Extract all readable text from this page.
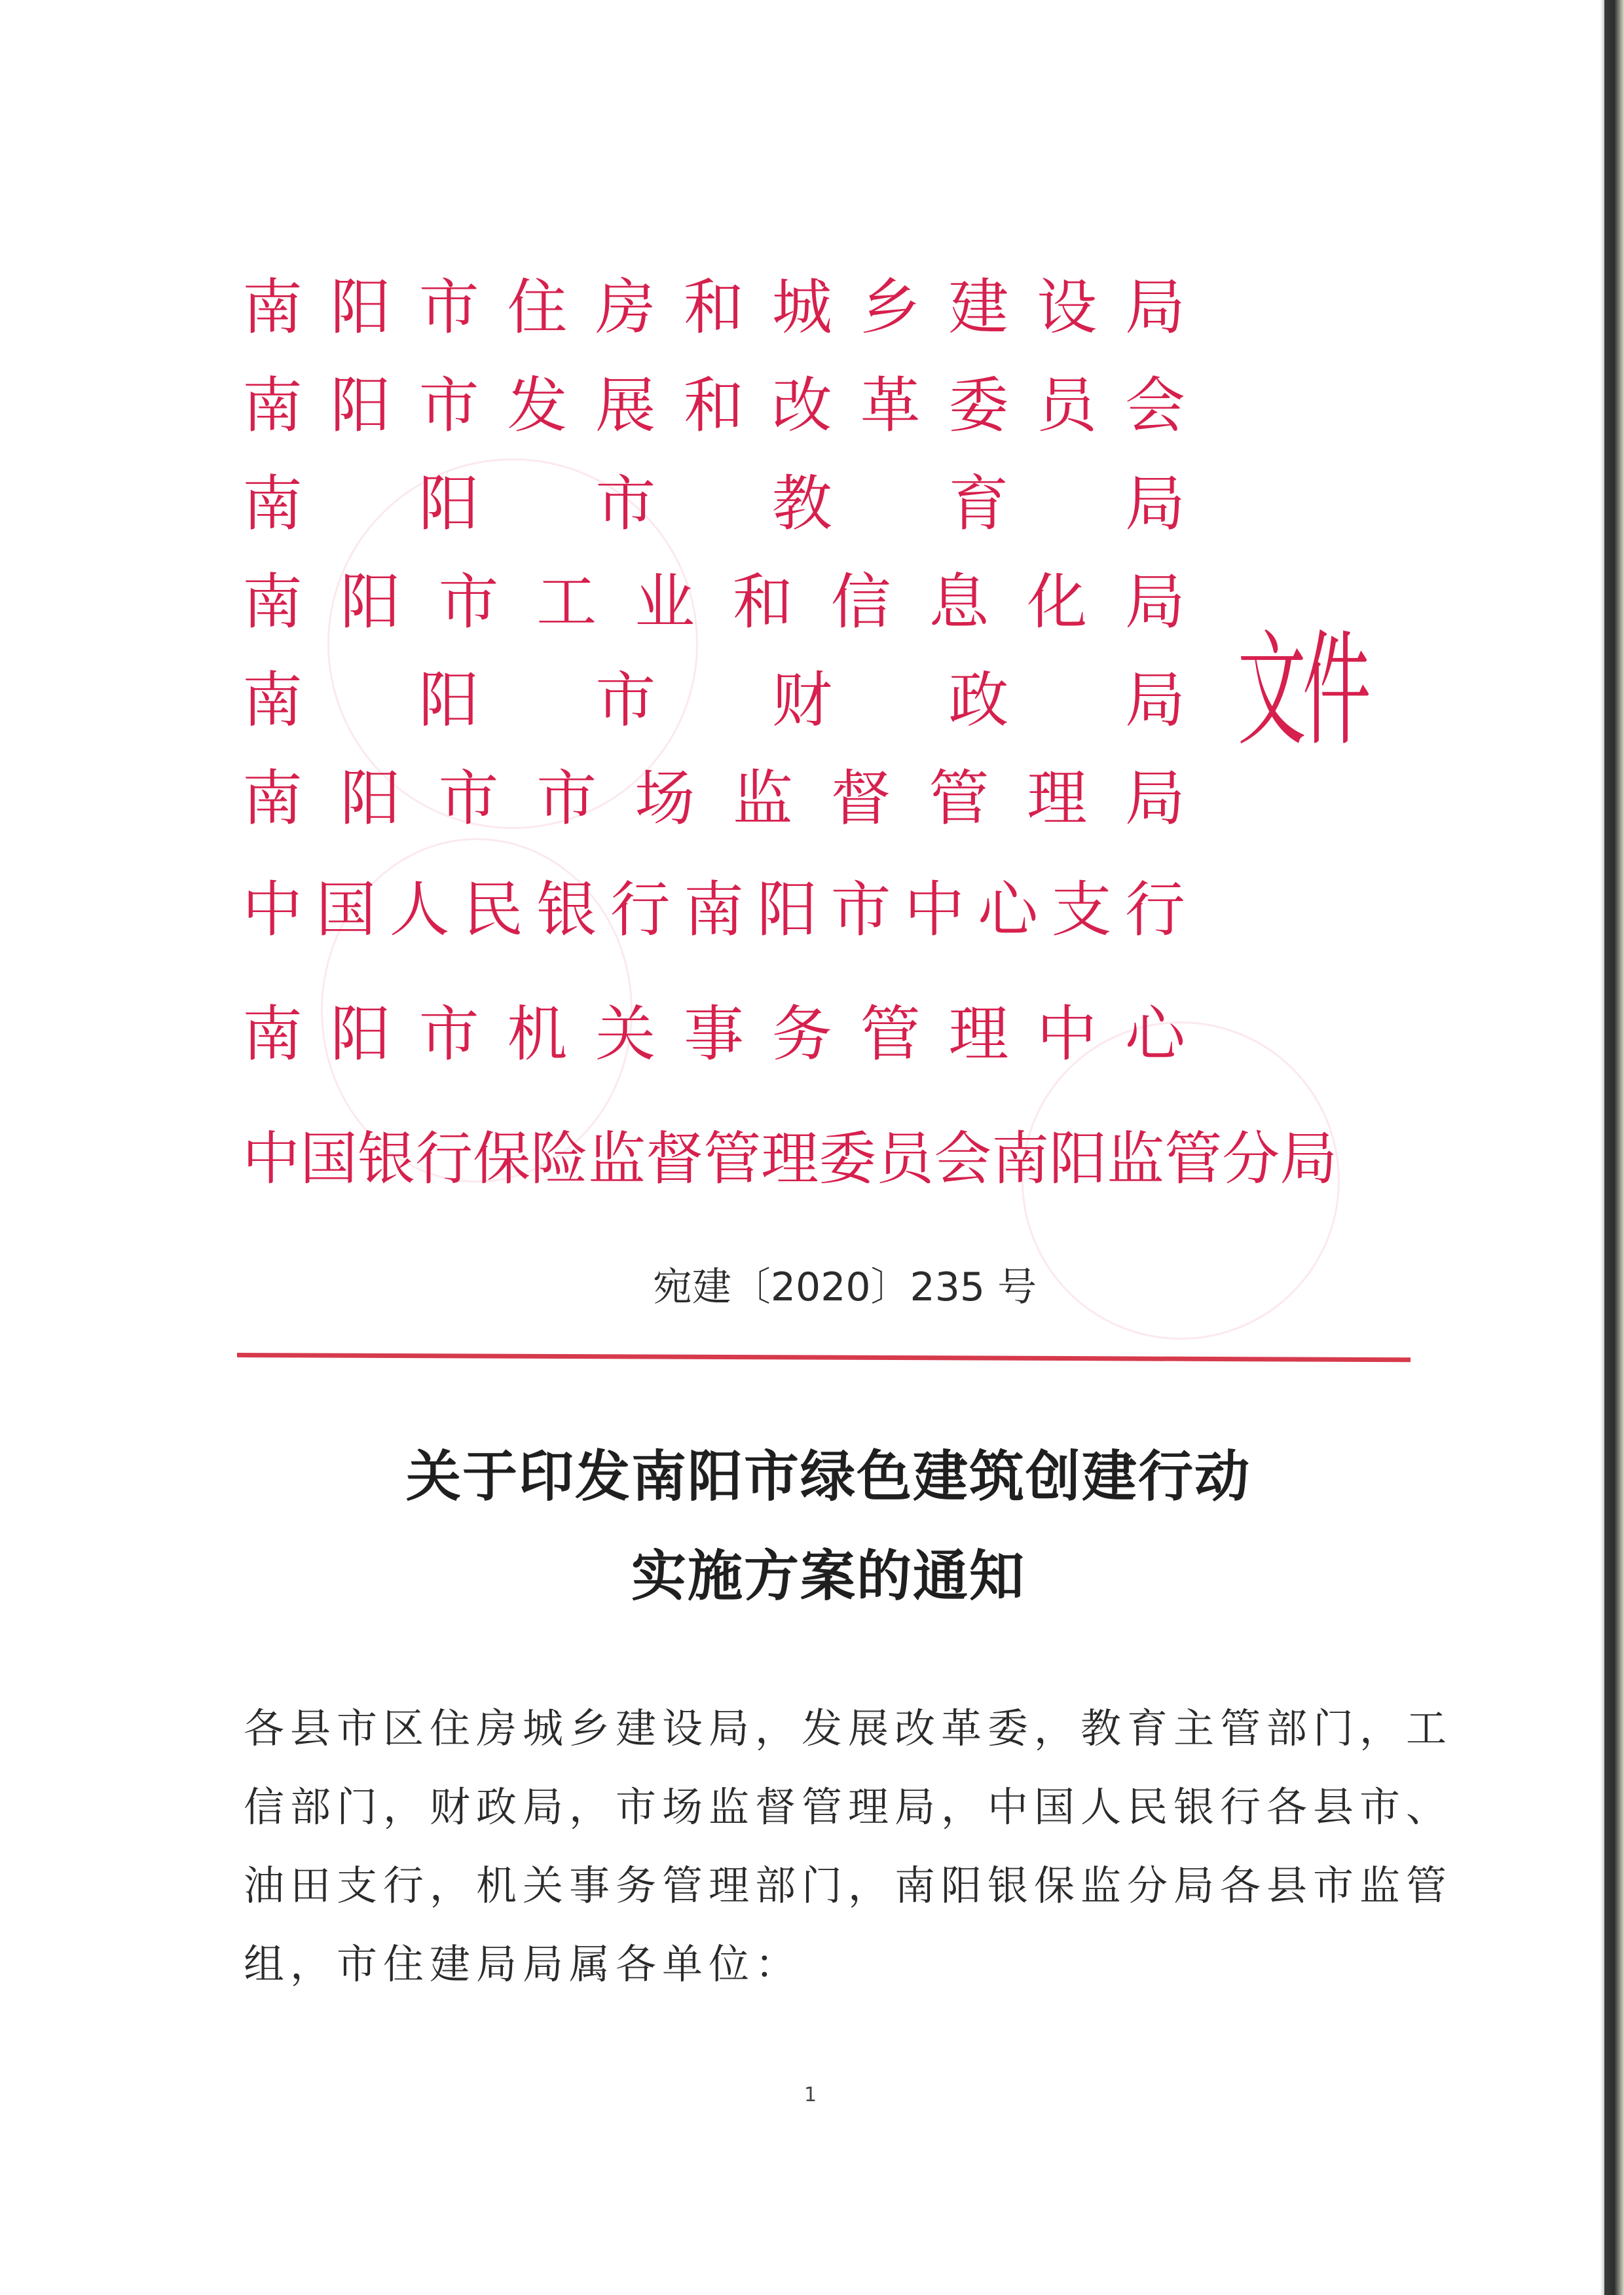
南 阳 市 住 房 和 城 乡 建 设 局
南 阳 市 发 展 和 改 革 委 员 会
南 阳 市 教 育 局
南 阳 市 工 业 和 信 息 化 局
南 阳 市 财 政 局
南 阳 市 市 场 监 督 管 理 局
中 国 人 民 银 行 南 阳 市 中 心 支 行
南 阳 市 机 关 事 务 管 理 中 心
中 国 银 行 保 险 监 督 管 理 委 员 会 南 阳 监 管 分 局
文件
宛建〔2020〕235 号
关于印发南阳市绿色建筑创建行动
实施方案的通知
各县市区住房城乡建设局，发展改革委，教育主管部门，工
信部门，财政局，市场监督管理局，中国人民银行各县市、
油田支行，机关事务管理部门，南阳银保监分局各县市监管
组，市住建局局属各单位：
1
